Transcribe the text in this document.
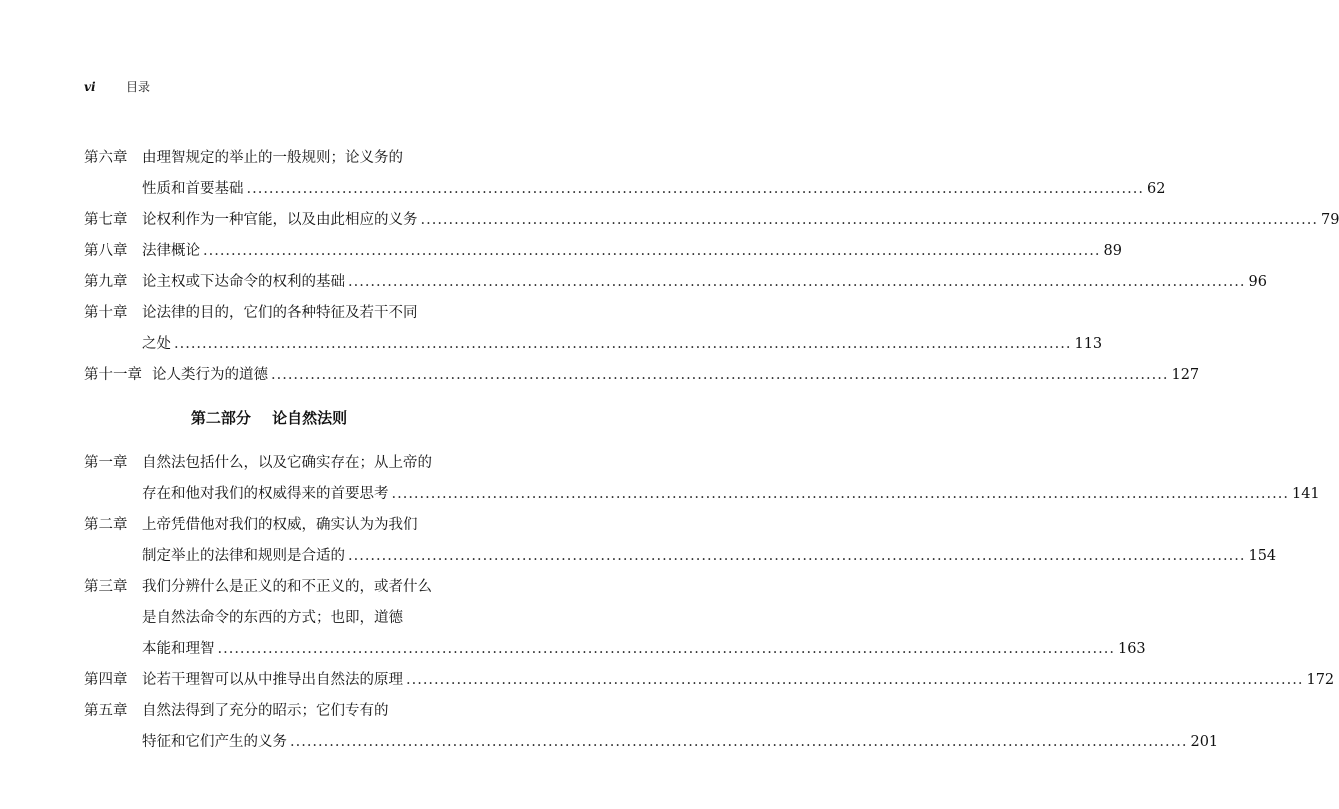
vi	目录
第六章	由理智规定的举止的一般规则；论义务的
性质和首要基础 ................................................................................................................................................................ 62
第七章	论权利作为一种官能，以及由此相应的义务 ................................................................................................................................................................ 79
第八章	法律概论 ................................................................................................................................................................ 89
第九章	论主权或下达命令的权利的基础 ................................................................................................................................................................ 96
第十章	论法律的目的，它们的各种特征及若干不同
之处 ................................................................................................................................................................ 113
第十一章 论人类行为的道德 ................................................................................................................................................................ 127
第二部分 论自然法则
第一章	自然法包括什么，以及它确实存在；从上帝的
存在和他对我们的权威得来的首要思考 ................................................................................................................................................................ 141
第二章	上帝凭借他对我们的权威，确实认为为我们
制定举止的法律和规则是合适的 ................................................................................................................................................................ 154
第三章	我们分辨什么是正义的和不正义的，或者什么
是自然法命令的东西的方式；也即，道德
本能和理智 ................................................................................................................................................................ 163
第四章	论若干理智可以从中推导出自然法的原理 ................................................................................................................................................................ 172
第五章	自然法得到了充分的昭示；它们专有的
特征和它们产生的义务 ................................................................................................................................................................ 201
